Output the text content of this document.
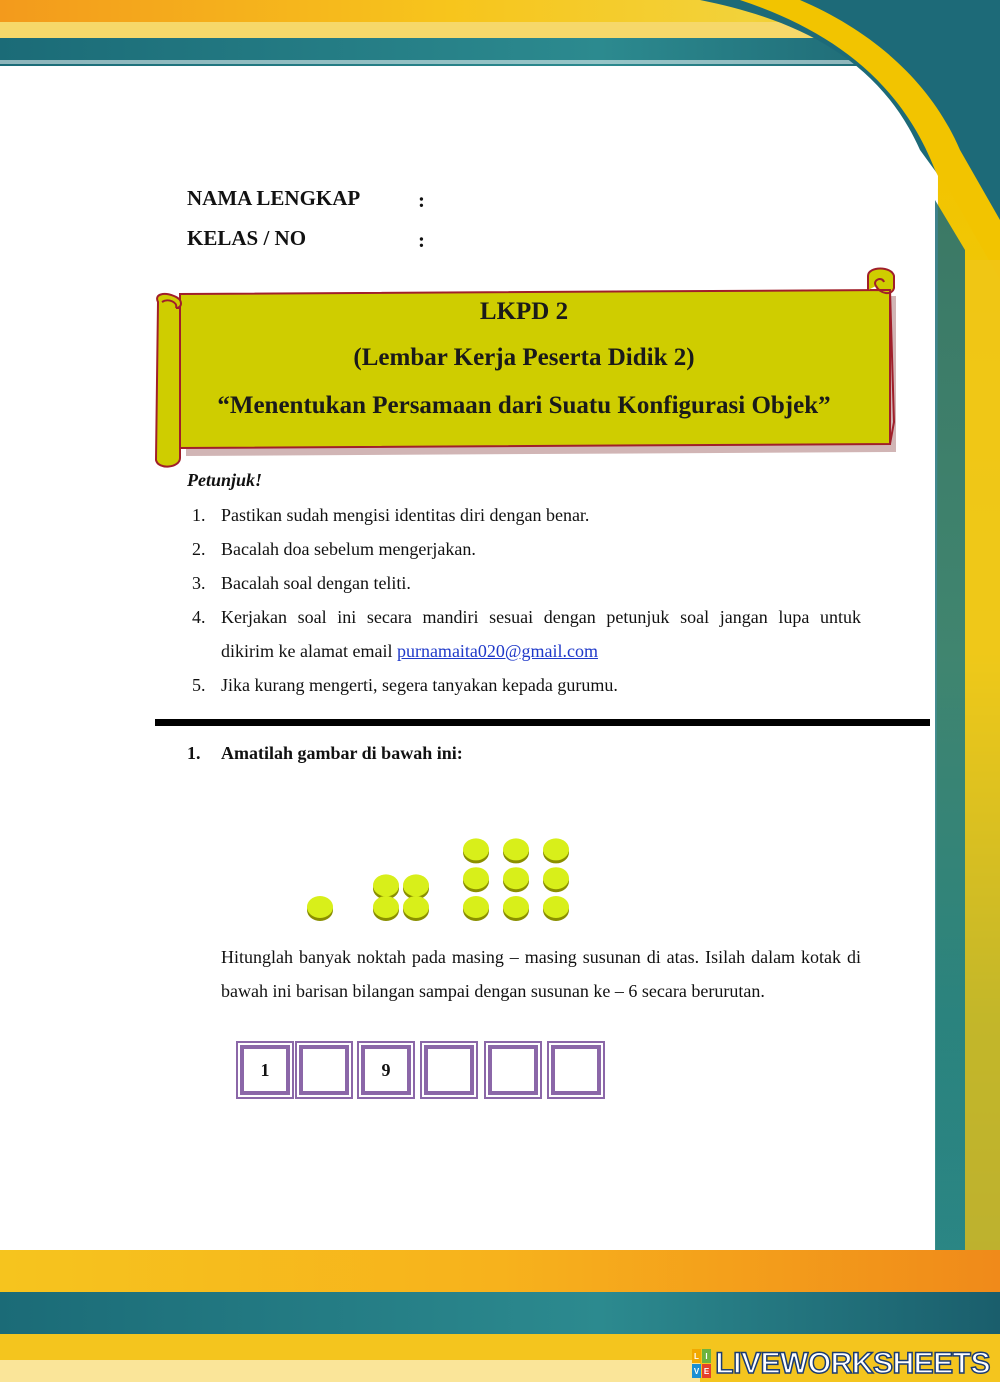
NAMA LENGKAP	:
KELAS / NO	:
LKPD 2
(Lembar Kerja Peserta Didik 2)
“Menentukan Persamaan dari Suatu Konfigurasi Objek”
Petunjuk!
1. Pastikan sudah mengisi identitas diri dengan benar.
2. Bacalah doa sebelum mengerjakan.
3. Bacalah soal dengan teliti.
4. Kerjakan soal ini secara mandiri sesuai dengan petunjuk soal jangan lupa untuk
dikirim ke alamat email purnamaita020@gmail.com
5. Jika kurang mengerti, segera tanyakan kepada gurumu.
1. Amatilah gambar di bawah ini:
Hitunglah banyak noktah pada masing – masing susunan di atas. Isilah dalam kotak di bawah ini barisan bilangan sampai dengan susunan ke – 6 secara berurutan.
1	9
L I
V E LIVEWORKSHEETS
